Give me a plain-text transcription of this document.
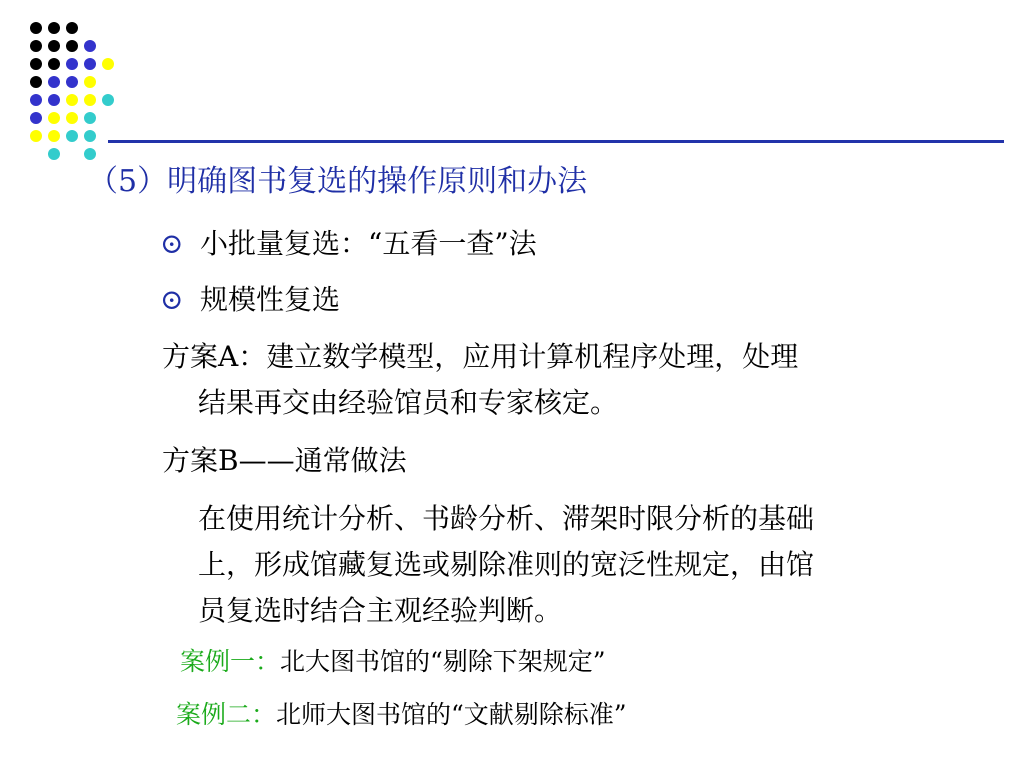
（5）明确图书复选的操作原则和办法
⊙ 小批量复选：“五看一查”法
⊙ 规模性复选
方案A：建立数学模型，应用计算机程序处理，处理
结果再交由经验馆员和专家核定。
方案B——通常做法
在使用统计分析、书龄分析、滞架时限分析的基础
上，形成馆藏复选或剔除准则的宽泛性规定，由馆
员复选时结合主观经验判断。
案例一：北大图书馆的“剔除下架规定”
案例二：北师大图书馆的“文献剔除标准”
